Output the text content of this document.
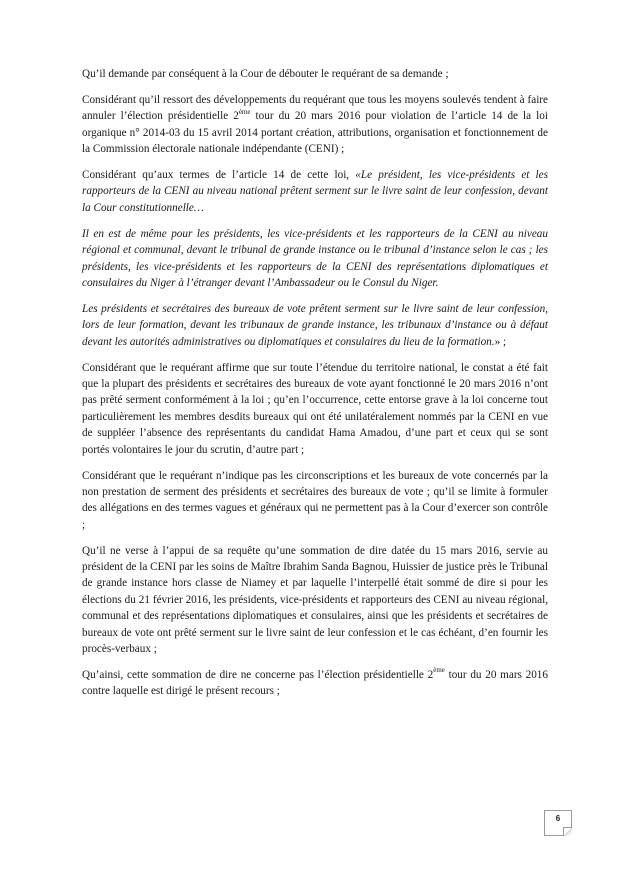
Qu’il demande par conséquent à la Cour de débouter le requérant de sa demande ;

Considérant qu’il ressort des développements du requérant que tous les moyens soulevés tendent à faire annuler l’élection présidentielle 2ème tour du 20 mars 2016 pour violation de l’article 14 de la loi organique n° 2014-03 du 15 avril 2014 portant création, attributions, organisation et fonctionnement de la Commission électorale nationale indépendante (CENI) ;

Considérant qu’aux termes de l’article 14 de cette loi, «Le président, les vice-présidents et les rapporteurs de la CENI au niveau national prêtent serment sur le livre saint de leur confession, devant la Cour constitutionnelle…

Il en est de même pour les présidents, les vice-présidents et les rapporteurs de la CENI au niveau régional et communal, devant le tribunal de grande instance ou le tribunal d’instance selon le cas ; les présidents, les vice-présidents et les rapporteurs de la CENI des représentations diplomatiques et consulaires du Niger à l’étranger devant l’Ambassadeur ou le Consul du Niger.

Les présidents et secrétaires des bureaux de vote prêtent serment sur le livre saint de leur confession, lors de leur formation, devant les tribunaux de grande instance, les tribunaux d’instance ou à défaut devant les autorités administratives ou diplomatiques et consulaires du lieu de la formation.» ;

Considérant que le requérant affirme que sur toute l’étendue du territoire national, le constat a été fait que la plupart des présidents et secrétaires des bureaux de vote ayant fonctionné le 20 mars 2016 n’ont pas prêté serment conformément à la loi ; qu’en l’occurrence, cette entorse grave à la loi concerne tout particulièrement les membres desdits bureaux qui ont été unilatéralement nommés par la CENI en vue de suppléer l’absence des représentants du candidat Hama Amadou, d’une part et ceux qui se sont portés volontaires le jour du scrutin, d’autre part ;

Considérant que le requérant n’indique pas les circonscriptions et les bureaux de vote concernés par la non prestation de serment des présidents et secrétaires des bureaux de vote ; qu’il se limite à formuler des allégations en des termes vagues et généraux qui ne permettent pas à la Cour d’exercer son contrôle ;

Qu’il ne verse à l’appui de sa requête qu’une sommation de dire datée du 15 mars 2016, servie au président de la CENI par les soins de Maître Ibrahim Sanda Bagnou, Huissier de justice près le Tribunal de grande instance hors classe de Niamey et par laquelle l’interpellé était sommé de dire si pour les élections du 21 février 2016, les présidents, vice-présidents et rapporteurs des CENI au niveau régional, communal et des représentations diplomatiques et consulaires, ainsi que les présidents et secrétaires de bureaux de vote ont prêté serment sur le livre saint de leur confession et le cas échéant, d’en fournir les procès-verbaux ;

Qu’ainsi, cette sommation de dire ne concerne pas l’élection présidentielle 2ème tour du 20 mars 2016 contre laquelle est dirigé le présent recours ;

6
